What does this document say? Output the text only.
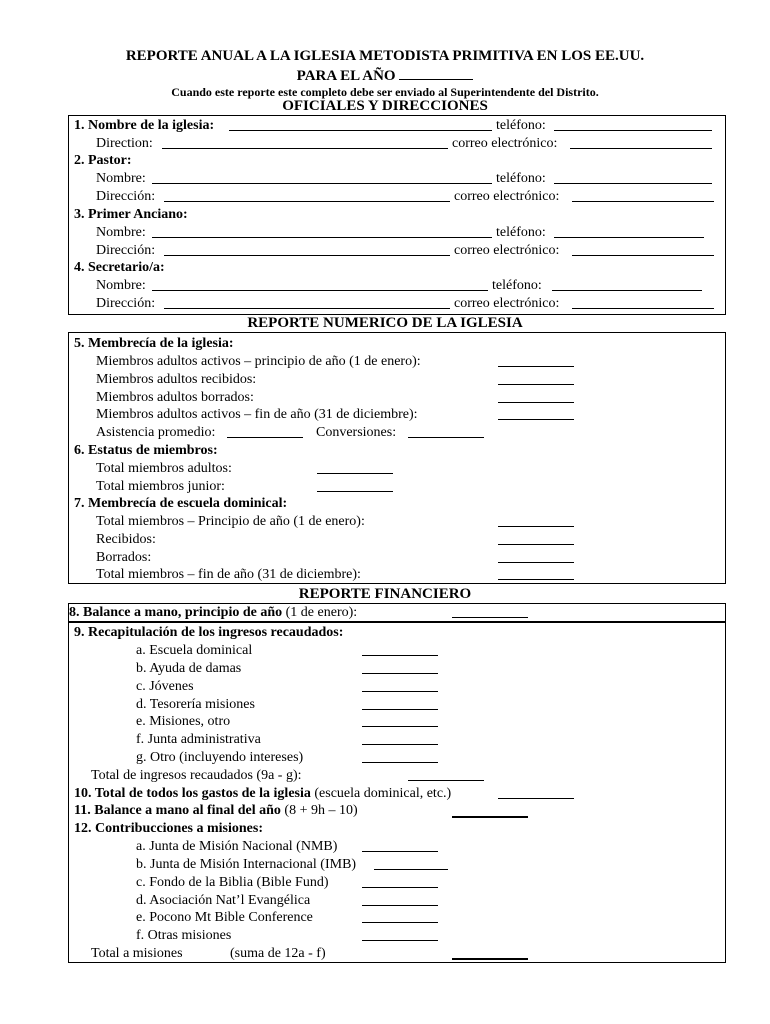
REPORTE ANUAL A LA IGLESIA METODISTA PRIMITIVA EN LOS EE.UU.
PARA EL AÑO
Cuando este reporte este completo debe ser enviado al Superintendente del Distrito.
OFICIALES Y DIRECCIONES
1. Nombre de la iglesia:	teléfono:
Direction:	correo electrónico:
2. Pastor:
Nombre:	teléfono:
Dirección:	correo electrónico:
3. Primer Anciano:
Nombre:	teléfono:
Dirección:	correo electrónico:
4. Secretario/a:
Nombre:	teléfono:
Dirección:	correo electrónico:
REPORTE NUMERICO DE LA IGLESIA
5. Membrecía de la iglesia:
Miembros adultos activos – principio de año (1 de enero):
Miembros adultos recibidos:
Miembros adultos borrados:
Miembros adultos activos – fin de año (31 de diciembre):
Asistencia promedio:	Conversiones:
6. Estatus de miembros:
Total miembros adultos:
Total miembros junior:
7. Membrecía de escuela dominical:
Total miembros – Principio de año (1 de enero):
Recibidos:
Borrados:
Total miembros – fin de año (31 de diciembre):
REPORTE FINANCIERO
8. Balance a mano, principio de año (1 de enero):
9. Recapitulación de los ingresos recaudados:
a. Escuela dominical
b. Ayuda de damas
c. Jóvenes
d. Tesorería misiones
e. Misiones, otro
f. Junta administrativa
g. Otro (incluyendo intereses)
Total de ingresos recaudados (9a - g):
10. Total de todos los gastos de la iglesia (escuela dominical, etc.)
11. Balance a mano al final del año (8 + 9h – 10)
12. Contribucciones a misiones:
a. Junta de Misión Nacional (NMB)
b. Junta de Misión Internacional (IMB)
c. Fondo de la Biblia (Bible Fund)
d. Asociación Nat’l Evangélica
e. Pocono Mt Bible Conference
f. Otras misiones
Total a misiones	(suma de 12a - f)
